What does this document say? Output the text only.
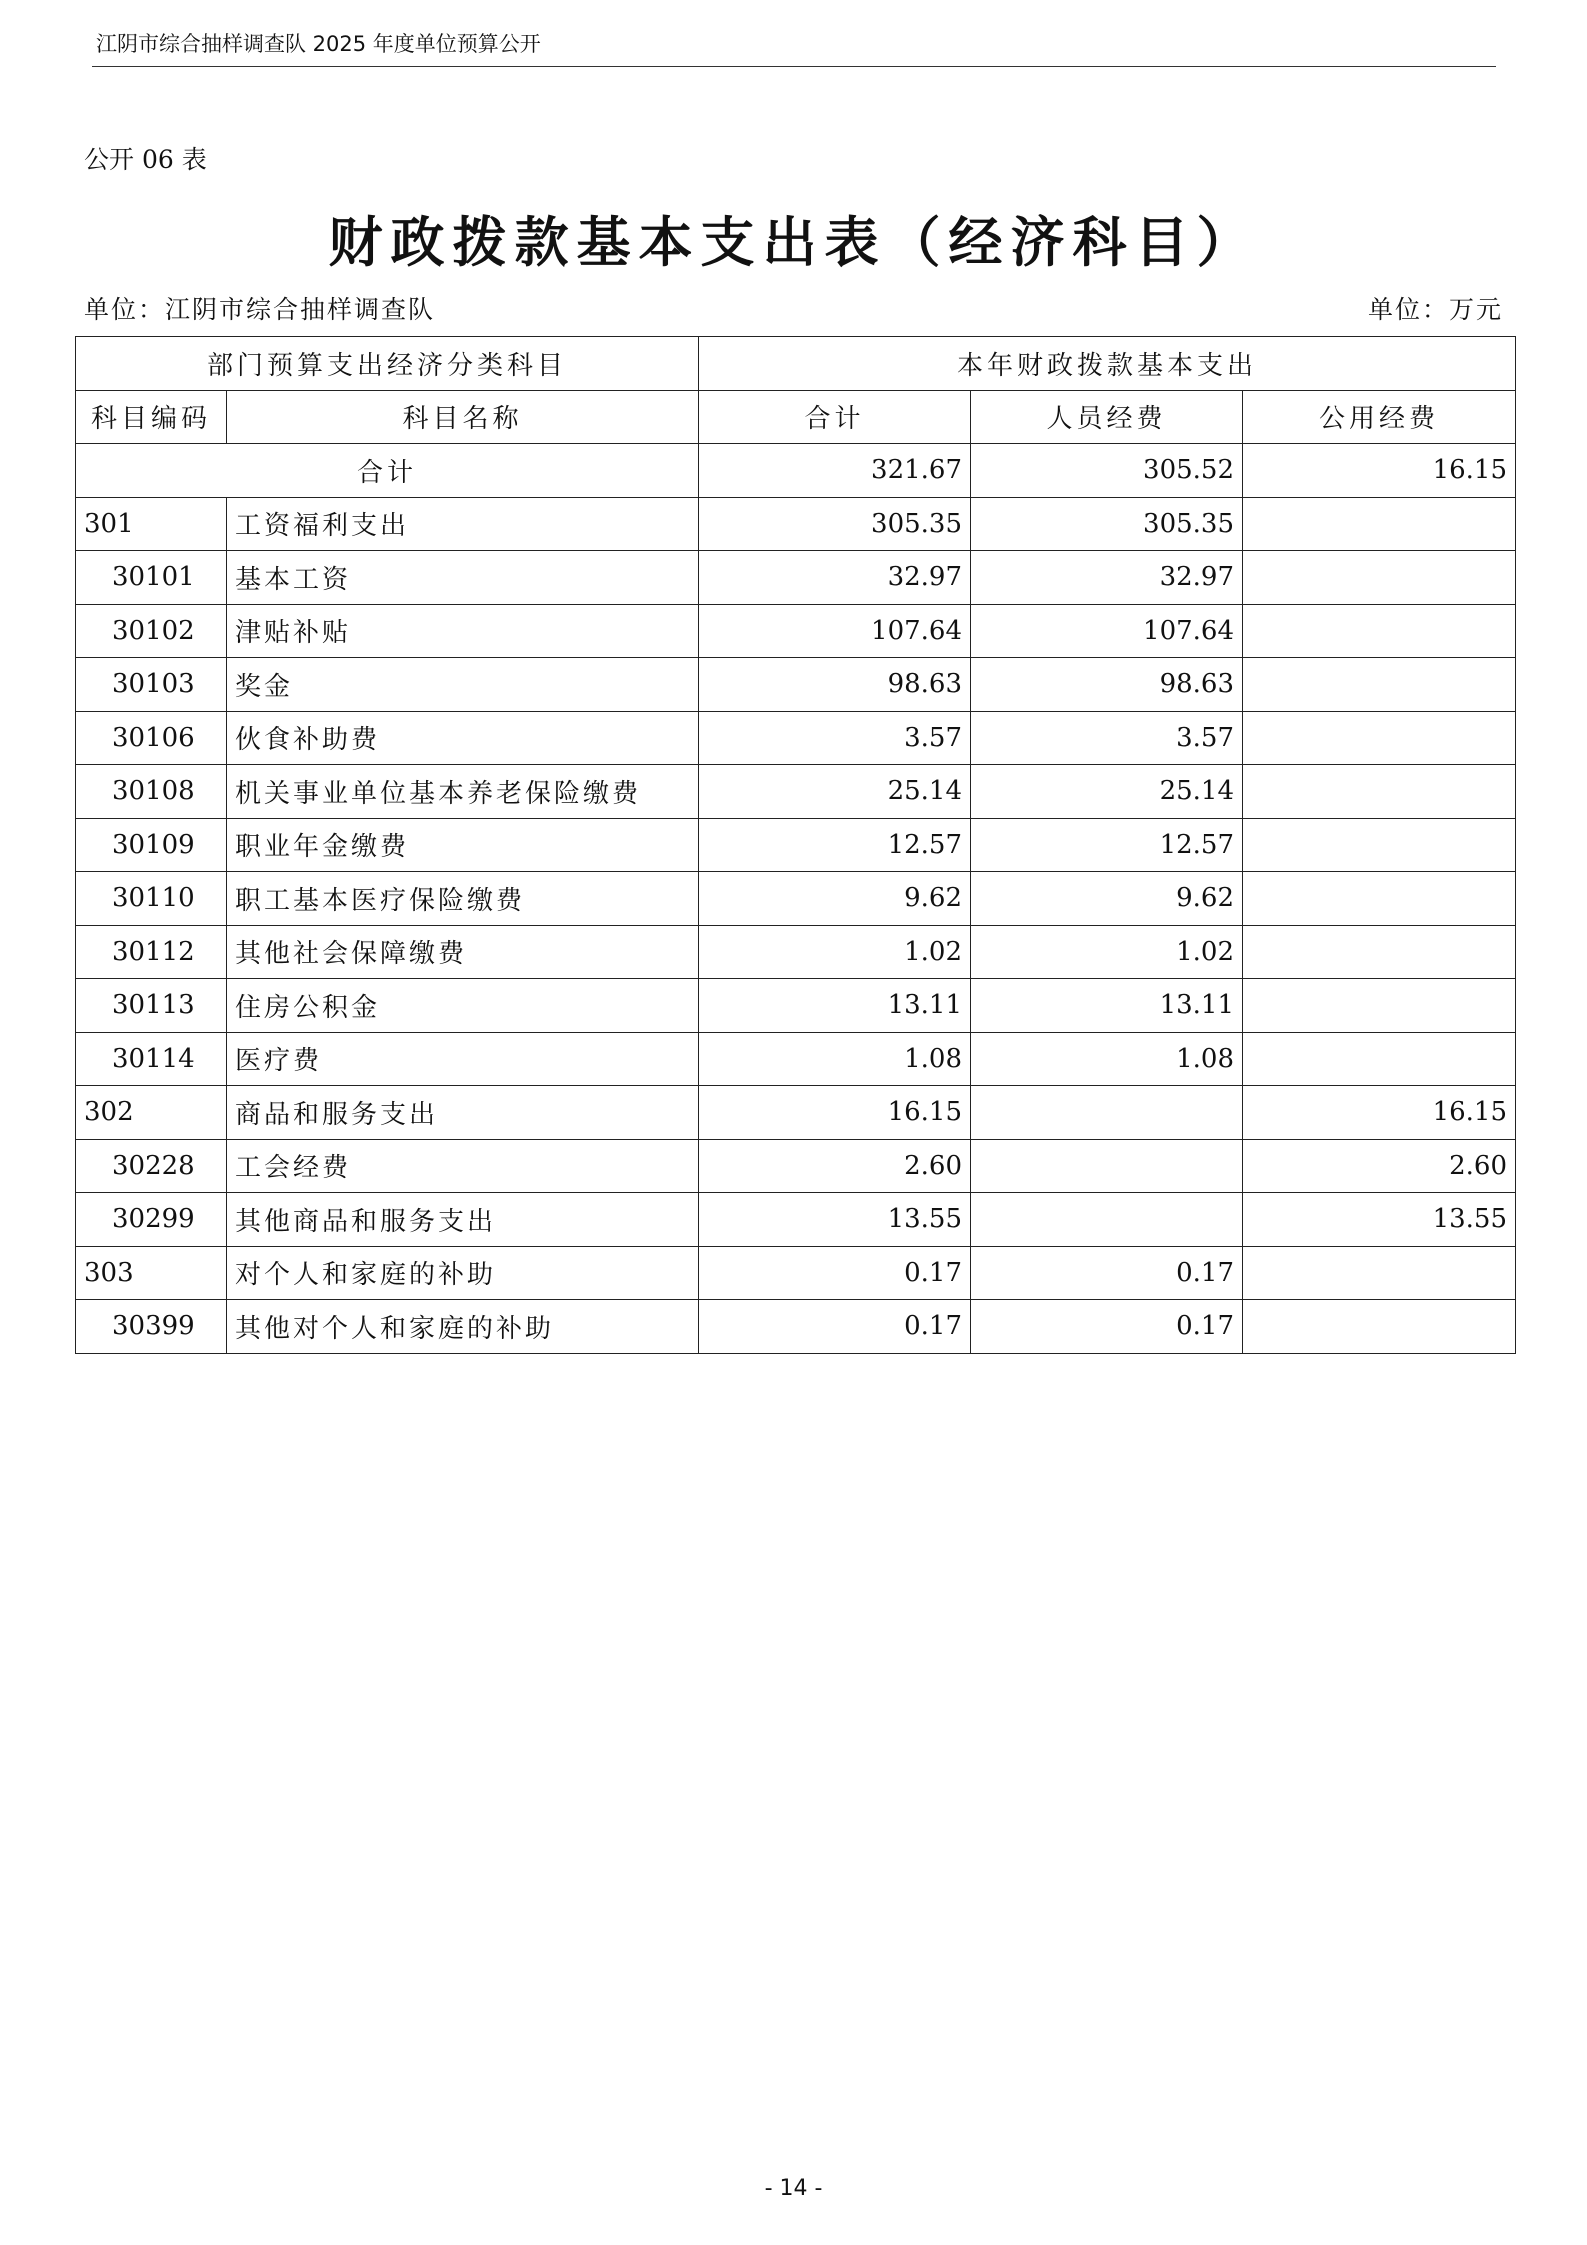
江阴市综合抽样调查队 2025 年度单位预算公开
公开 06 表
财政拨款基本支出表（经济科目）
单位：江阴市综合抽样调查队	单位：万元
部门预算支出经济分类科目		本年财政拨款基本支出		
科目编码	科目名称	合计	人员经费	公用经费
合计		321.67	305.52	16.15
301	工资福利支出	305.35	305.35	
30101	基本工资	32.97	32.97	
30102	津贴补贴	107.64	107.64	
30103	奖金	98.63	98.63	
30106	伙食补助费	3.57	3.57	
30108	机关事业单位基本养老保险缴费	25.14	25.14	
30109	职业年金缴费	12.57	12.57	
30110	职工基本医疗保险缴费	9.62	9.62	
30112	其他社会保障缴费	1.02	1.02	
30113	住房公积金	13.11	13.11	
30114	医疗费	1.08	1.08	
302	商品和服务支出	16.15		16.15
30228	工会经费	2.60		2.60
30299	其他商品和服务支出	13.55		13.55
303	对个人和家庭的补助	0.17	0.17	
30399	其他对个人和家庭的补助	0.17	0.17	
- 14 -
